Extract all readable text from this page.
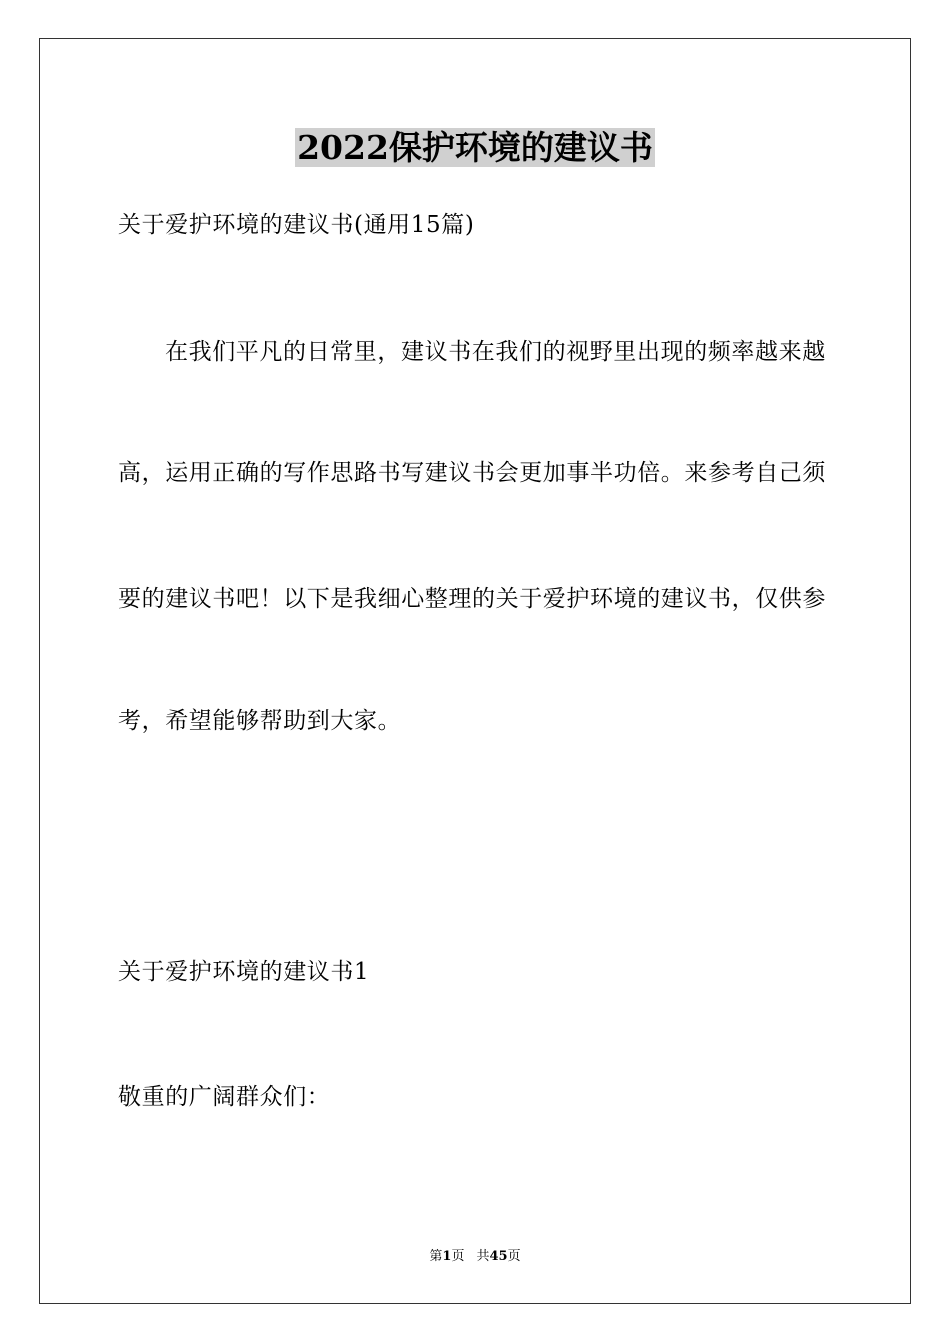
2022保护环境的建议书
关于爱护环境的建议书(通用15篇)
在我们平凡的日常里，建议书在我们的视野里出现的频率越来越
高，运用正确的写作思路书写建议书会更加事半功倍。来参考自己须
要的建议书吧！以下是我细心整理的关于爱护环境的建议书，仅供参
考，希望能够帮助到大家。
关于爱护环境的建议书1
敬重的广阔群众们：
第1页 共45页
